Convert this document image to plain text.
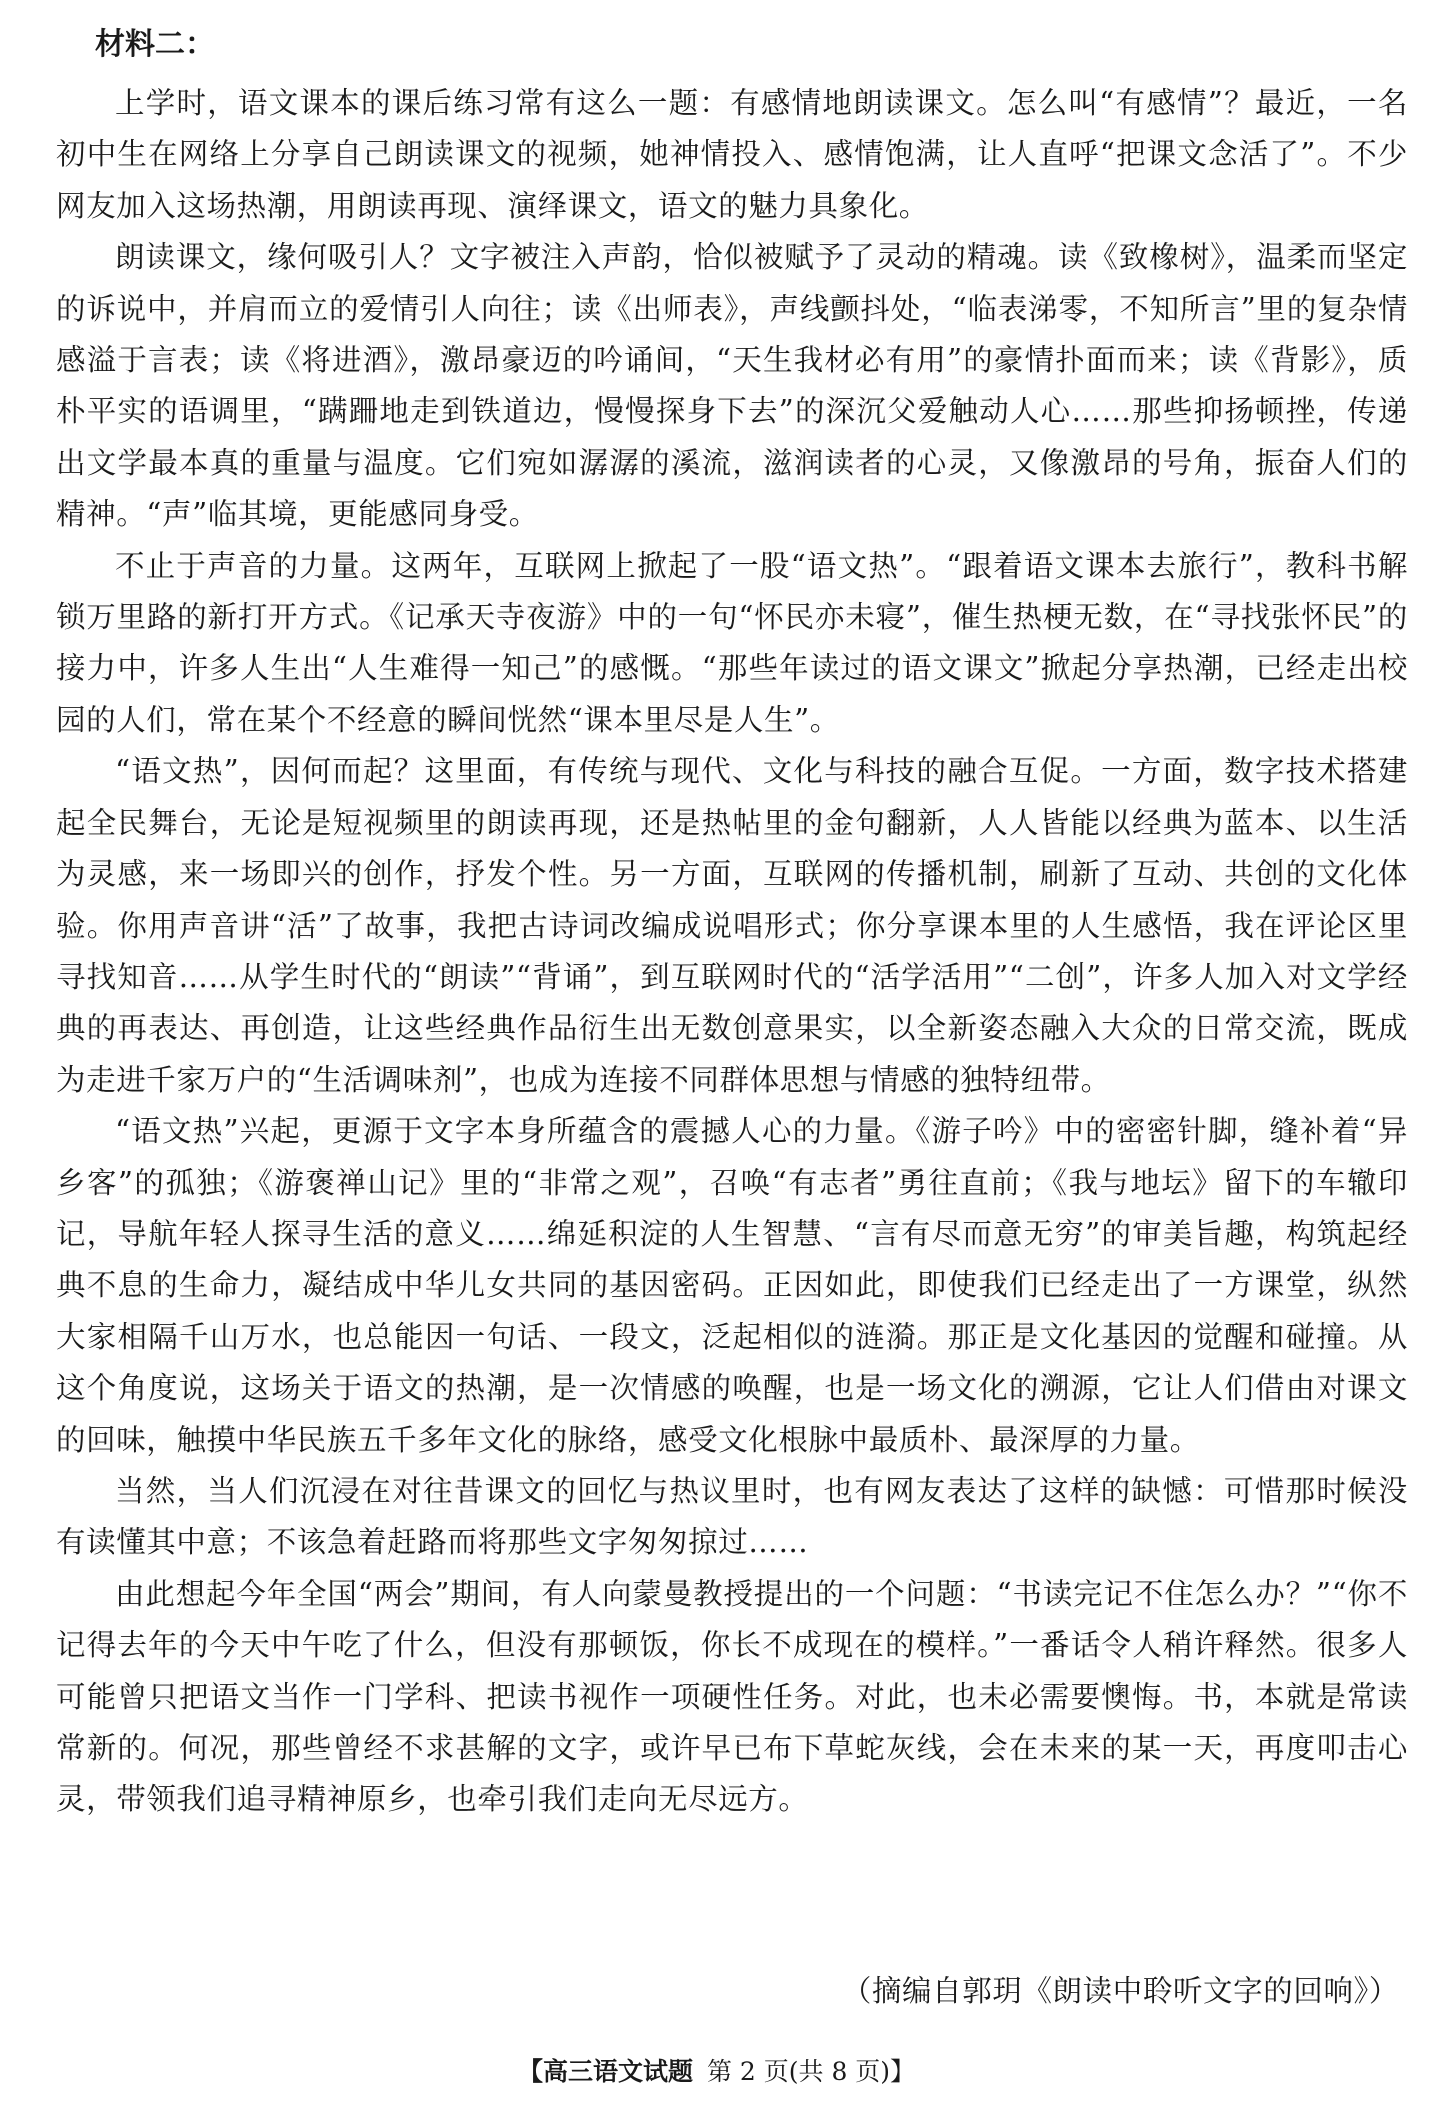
材料二：

上学时，语文课本的课后练习常有这么一题：有感情地朗读课文。怎么叫“有感情”？最近，一名初中生在网络上分享自己朗读课文的视频，她神情投入、感情饱满，让人直呼“把课文念活了”。不少网友加入这场热潮，用朗读再现、演绎课文，语文的魅力具象化。

朗读课文，缘何吸引人？文字被注入声韵，恰似被赋予了灵动的精魂。读《致橡树》，温柔而坚定的诉说中，并肩而立的爱情引人向往；读《出师表》，声线颤抖处，“临表涕零，不知所言”里的复杂情感溢于言表；读《将进酒》，激昂豪迈的吟诵间，“天生我材必有用”的豪情扑面而来；读《背影》，质朴平实的语调里，“蹒跚地走到铁道边，慢慢探身下去”的深沉父爱触动人心……那些抑扬顿挫，传递出文学最本真的重量与温度。它们宛如潺潺的溪流，滋润读者的心灵，又像激昂的号角，振奋人们的精神。“声”临其境，更能感同身受。

不止于声音的力量。这两年，互联网上掀起了一股“语文热”。“跟着语文课本去旅行”，教科书解锁万里路的新打开方式。《记承天寺夜游》中的一句“怀民亦未寝”，催生热梗无数，在“寻找张怀民”的接力中，许多人生出“人生难得一知己”的感慨。“那些年读过的语文课文”掀起分享热潮，已经走出校园的人们，常在某个不经意的瞬间恍然“课本里尽是人生”。

“语文热”，因何而起？这里面，有传统与现代、文化与科技的融合互促。一方面，数字技术搭建起全民舞台，无论是短视频里的朗读再现，还是热帖里的金句翻新，人人皆能以经典为蓝本、以生活为灵感，来一场即兴的创作，抒发个性。另一方面，互联网的传播机制，刷新了互动、共创的文化体验。你用声音讲“活”了故事，我把古诗词改编成说唱形式；你分享课本里的人生感悟，我在评论区里寻找知音……从学生时代的“朗读”“背诵”，到互联网时代的“活学活用”“二创”，许多人加入对文学经典的再表达、再创造，让这些经典作品衍生出无数创意果实，以全新姿态融入大众的日常交流，既成为走进千家万户的“生活调味剂”，也成为连接不同群体思想与情感的独特纽带。

“语文热”兴起，更源于文字本身所蕴含的震撼人心的力量。《游子吟》中的密密针脚，缝补着“异乡客”的孤独；《游褒禅山记》里的“非常之观”，召唤“有志者”勇往直前；《我与地坛》留下的车辙印记，导航年轻人探寻生活的意义……绵延积淀的人生智慧、“言有尽而意无穷”的审美旨趣，构筑起经典不息的生命力，凝结成中华儿女共同的基因密码。正因如此，即使我们已经走出了一方课堂，纵然大家相隔千山万水，也总能因一句话、一段文，泛起相似的涟漪。那正是文化基因的觉醒和碰撞。从这个角度说，这场关于语文的热潮，是一次情感的唤醒，也是一场文化的溯源，它让人们借由对课文的回味，触摸中华民族五千多年文化的脉络，感受文化根脉中最质朴、最深厚的力量。

当然，当人们沉浸在对往昔课文的回忆与热议里时，也有网友表达了这样的缺憾：可惜那时候没有读懂其中意；不该急着赶路而将那些文字匆匆掠过……

由此想起今年全国“两会”期间，有人向蒙曼教授提出的一个问题：“书读完记不住怎么办？”“你不记得去年的今天中午吃了什么，但没有那顿饭，你长不成现在的模样。”一番话令人稍许释然。很多人可能曾只把语文当作一门学科、把读书视作一项硬性任务。对此，也未必需要懊悔。书，本就是常读常新的。何况，那些曾经不求甚解的文字，或许早已布下草蛇灰线，会在未来的某一天，再度叩击心灵，带领我们追寻精神原乡，也牵引我们走向无尽远方。

（摘编自郭玥《朗读中聆听文字的回响》）
【高三语文试题 第 2 页(共 8 页)】
